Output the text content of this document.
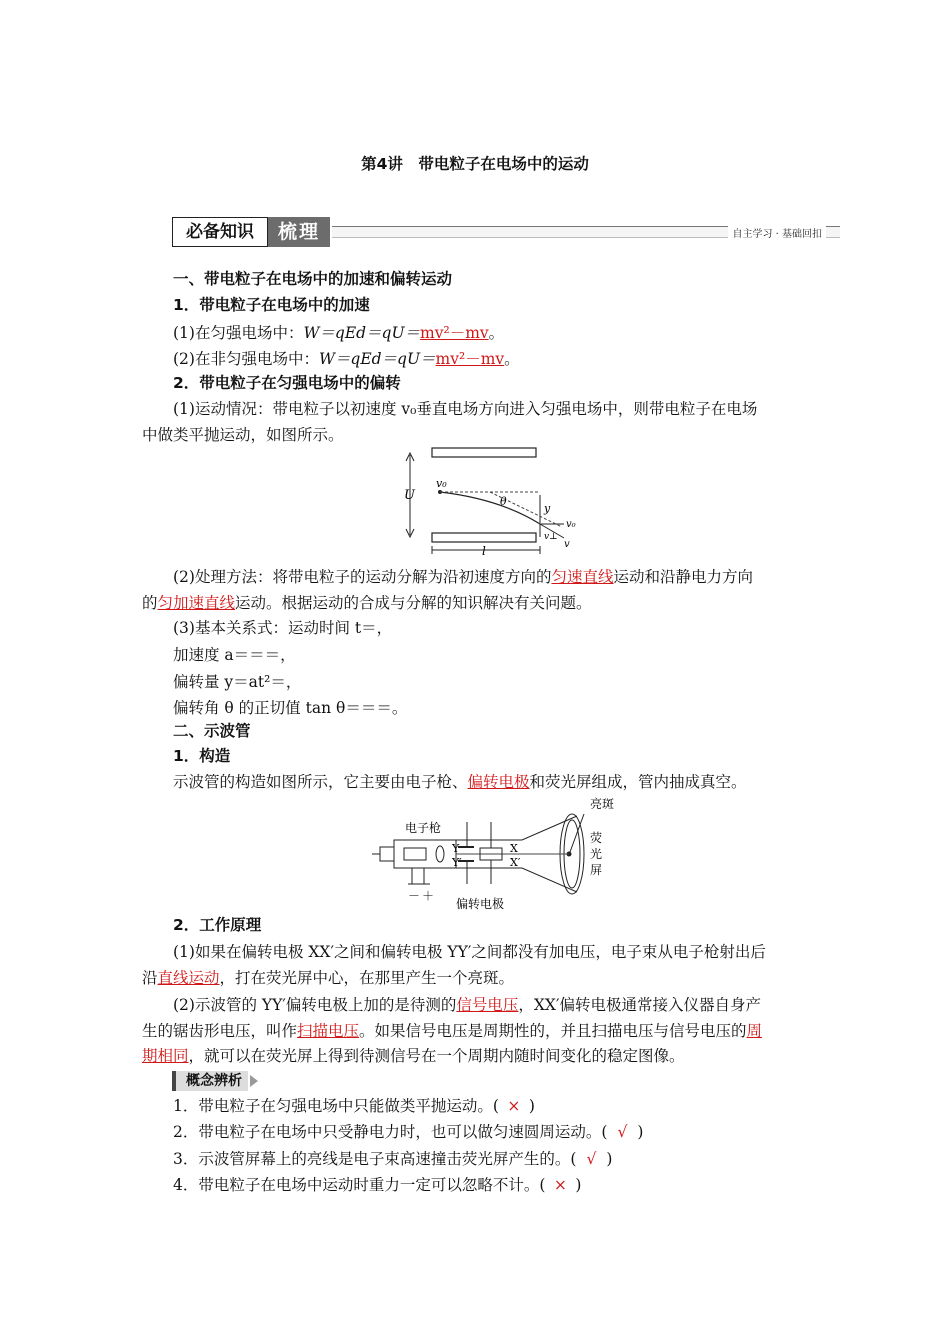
第4讲　带电粒子在电场中的运动
必备知识	梳理	自主学习 · 基础回扣
一、带电粒子在电场中的加速和偏转运动
1．带电粒子在电场中的加速
(1)在匀强电场中：W＝qEd＝qU＝mv²－mv。
(2)在非匀强电场中：W＝qEd＝qU＝mv²－mv。
2．带电粒子在匀强电场中的偏转
(1)运动情况：带电粒子以初速度 v₀垂直电场方向进入匀强电场中，则带电粒子在电场
中做类平抛运动，如图所示。
U
v₀
θ
y
v₀
v
v⊥
l
(2)处理方法：将带电粒子的运动分解为沿初速度方向的匀速直线运动和沿静电力方向
的匀加速直线运动。根据运动的合成与分解的知识解决有关问题。
(3)基本关系式：运动时间 t＝，
加速度 a＝＝＝，
偏转量 y＝at²＝，
偏转角 θ 的正切值 tan θ＝＝＝。
二、示波管
1．构造
示波管的构造如图所示，它主要由电子枪、偏转电极和荧光屏组成，管内抽成真空。
亮斑
电子枪
Y
Y′
X
X′
－ ＋
偏转电极
荧
光
屏
2．工作原理
(1)如果在偏转电极 XX′之间和偏转电极 YY′之间都没有加电压，电子束从电子枪射出后
沿直线运动，打在荧光屏中心，在那里产生一个亮斑。
(2)示波管的 YY′偏转电极上加的是待测的信号电压，XX′偏转电极通常接入仪器自身产
生的锯齿形电压，叫作扫描电压。如果信号电压是周期性的，并且扫描电压与信号电压的周
期相同，就可以在荧光屏上得到待测信号在一个周期内随时间变化的稳定图像。
概念辨析
1．带电粒子在匀强电场中只能做类平抛运动。( × )
2．带电粒子在电场中只受静电力时，也可以做匀速圆周运动。( √ )
3．示波管屏幕上的亮线是电子束高速撞击荧光屏产生的。( √ )
4．带电粒子在电场中运动时重力一定可以忽略不计。( × )
